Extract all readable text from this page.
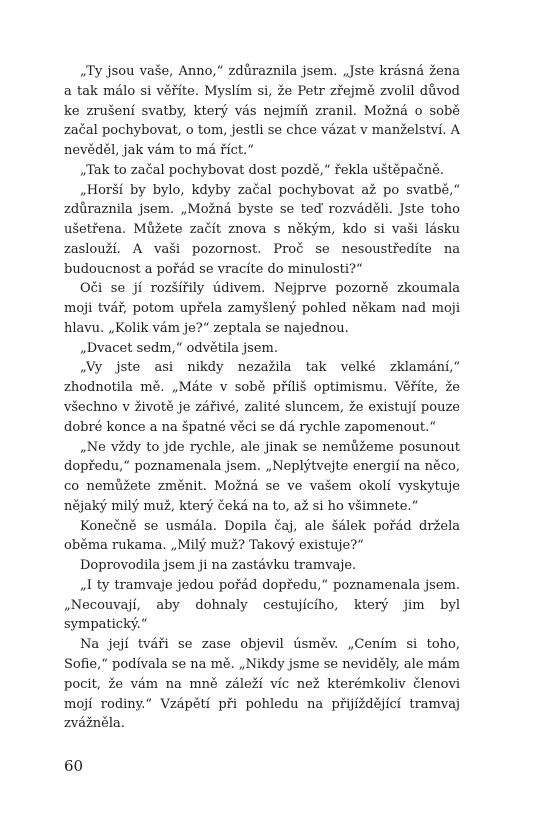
„Ty jsou vaše, Anno,“ zdůraznila jsem. „Jste krásná žena a tak málo si věříte. Myslím si, že Petr zřejmě zvolil důvod ke zrušení svatby, který vás nejmíň zranil. Možná o sobě začal pochybovat, o tom, jestli se chce vázat v manželství. A nevěděl, jak vám to má říct.“

„Tak to začal pochybovat dost pozdě,“ řekla uštěpačně.

„Horší by bylo, kdyby začal pochybovat až po svatbě,“ zdůraznila jsem. „Možná byste se teď rozváděli. Jste toho ušetřena. Můžete začít znova s někým, kdo si vaši lásku zaslouží. A vaši pozornost. Proč se nesoustředíte na budoucnost a pořád se vracíte do minulosti?“

Oči se jí rozšířily údivem. Nejprve pozorně zkoumala moji tvář, potom upřela zamyšlený pohled někam nad moji hlavu. „Kolik vám je?“ zeptala se najednou.

„Dvacet sedm,“ odvětila jsem.

„Vy jste asi nikdy nezažila tak velké zklamání,“ zhodnotila mě. „Máte v sobě příliš optimismu. Věříte, že všechno v životě je zářivé, zalité sluncem, že existují pouze dobré konce a na špatné věci se dá rychle zapomenout.“

„Ne vždy to jde rychle, ale jinak se nemůžeme posunout dopředu,“ poznamenala jsem. „Neplýtvejte energií na něco, co nemůžete změnit. Možná se ve vašem okolí vyskytuje nějaký milý muž, který čeká na to, až si ho všimnete.“

Konečně se usmála. Dopila čaj, ale šálek pořád držela oběma rukama. „Milý muž? Takový existuje?“

Doprovodila jsem ji na zastávku tramvaje.

„I ty tramvaje jedou pořád dopředu,“ poznamenala jsem. „Necouvají, aby dohnaly cestujícího, který jim byl sympatický.“

Na její tváři se zase objevil úsměv. „Cením si toho, Sofie,“ podívala se na mě. „Nikdy jsme se neviděly, ale mám pocit, že vám na mně záleží víc než kterémkoliv členovi mojí rodiny.“ Vzápětí při pohledu na přijíždějící tramvaj zvážněla.

60
